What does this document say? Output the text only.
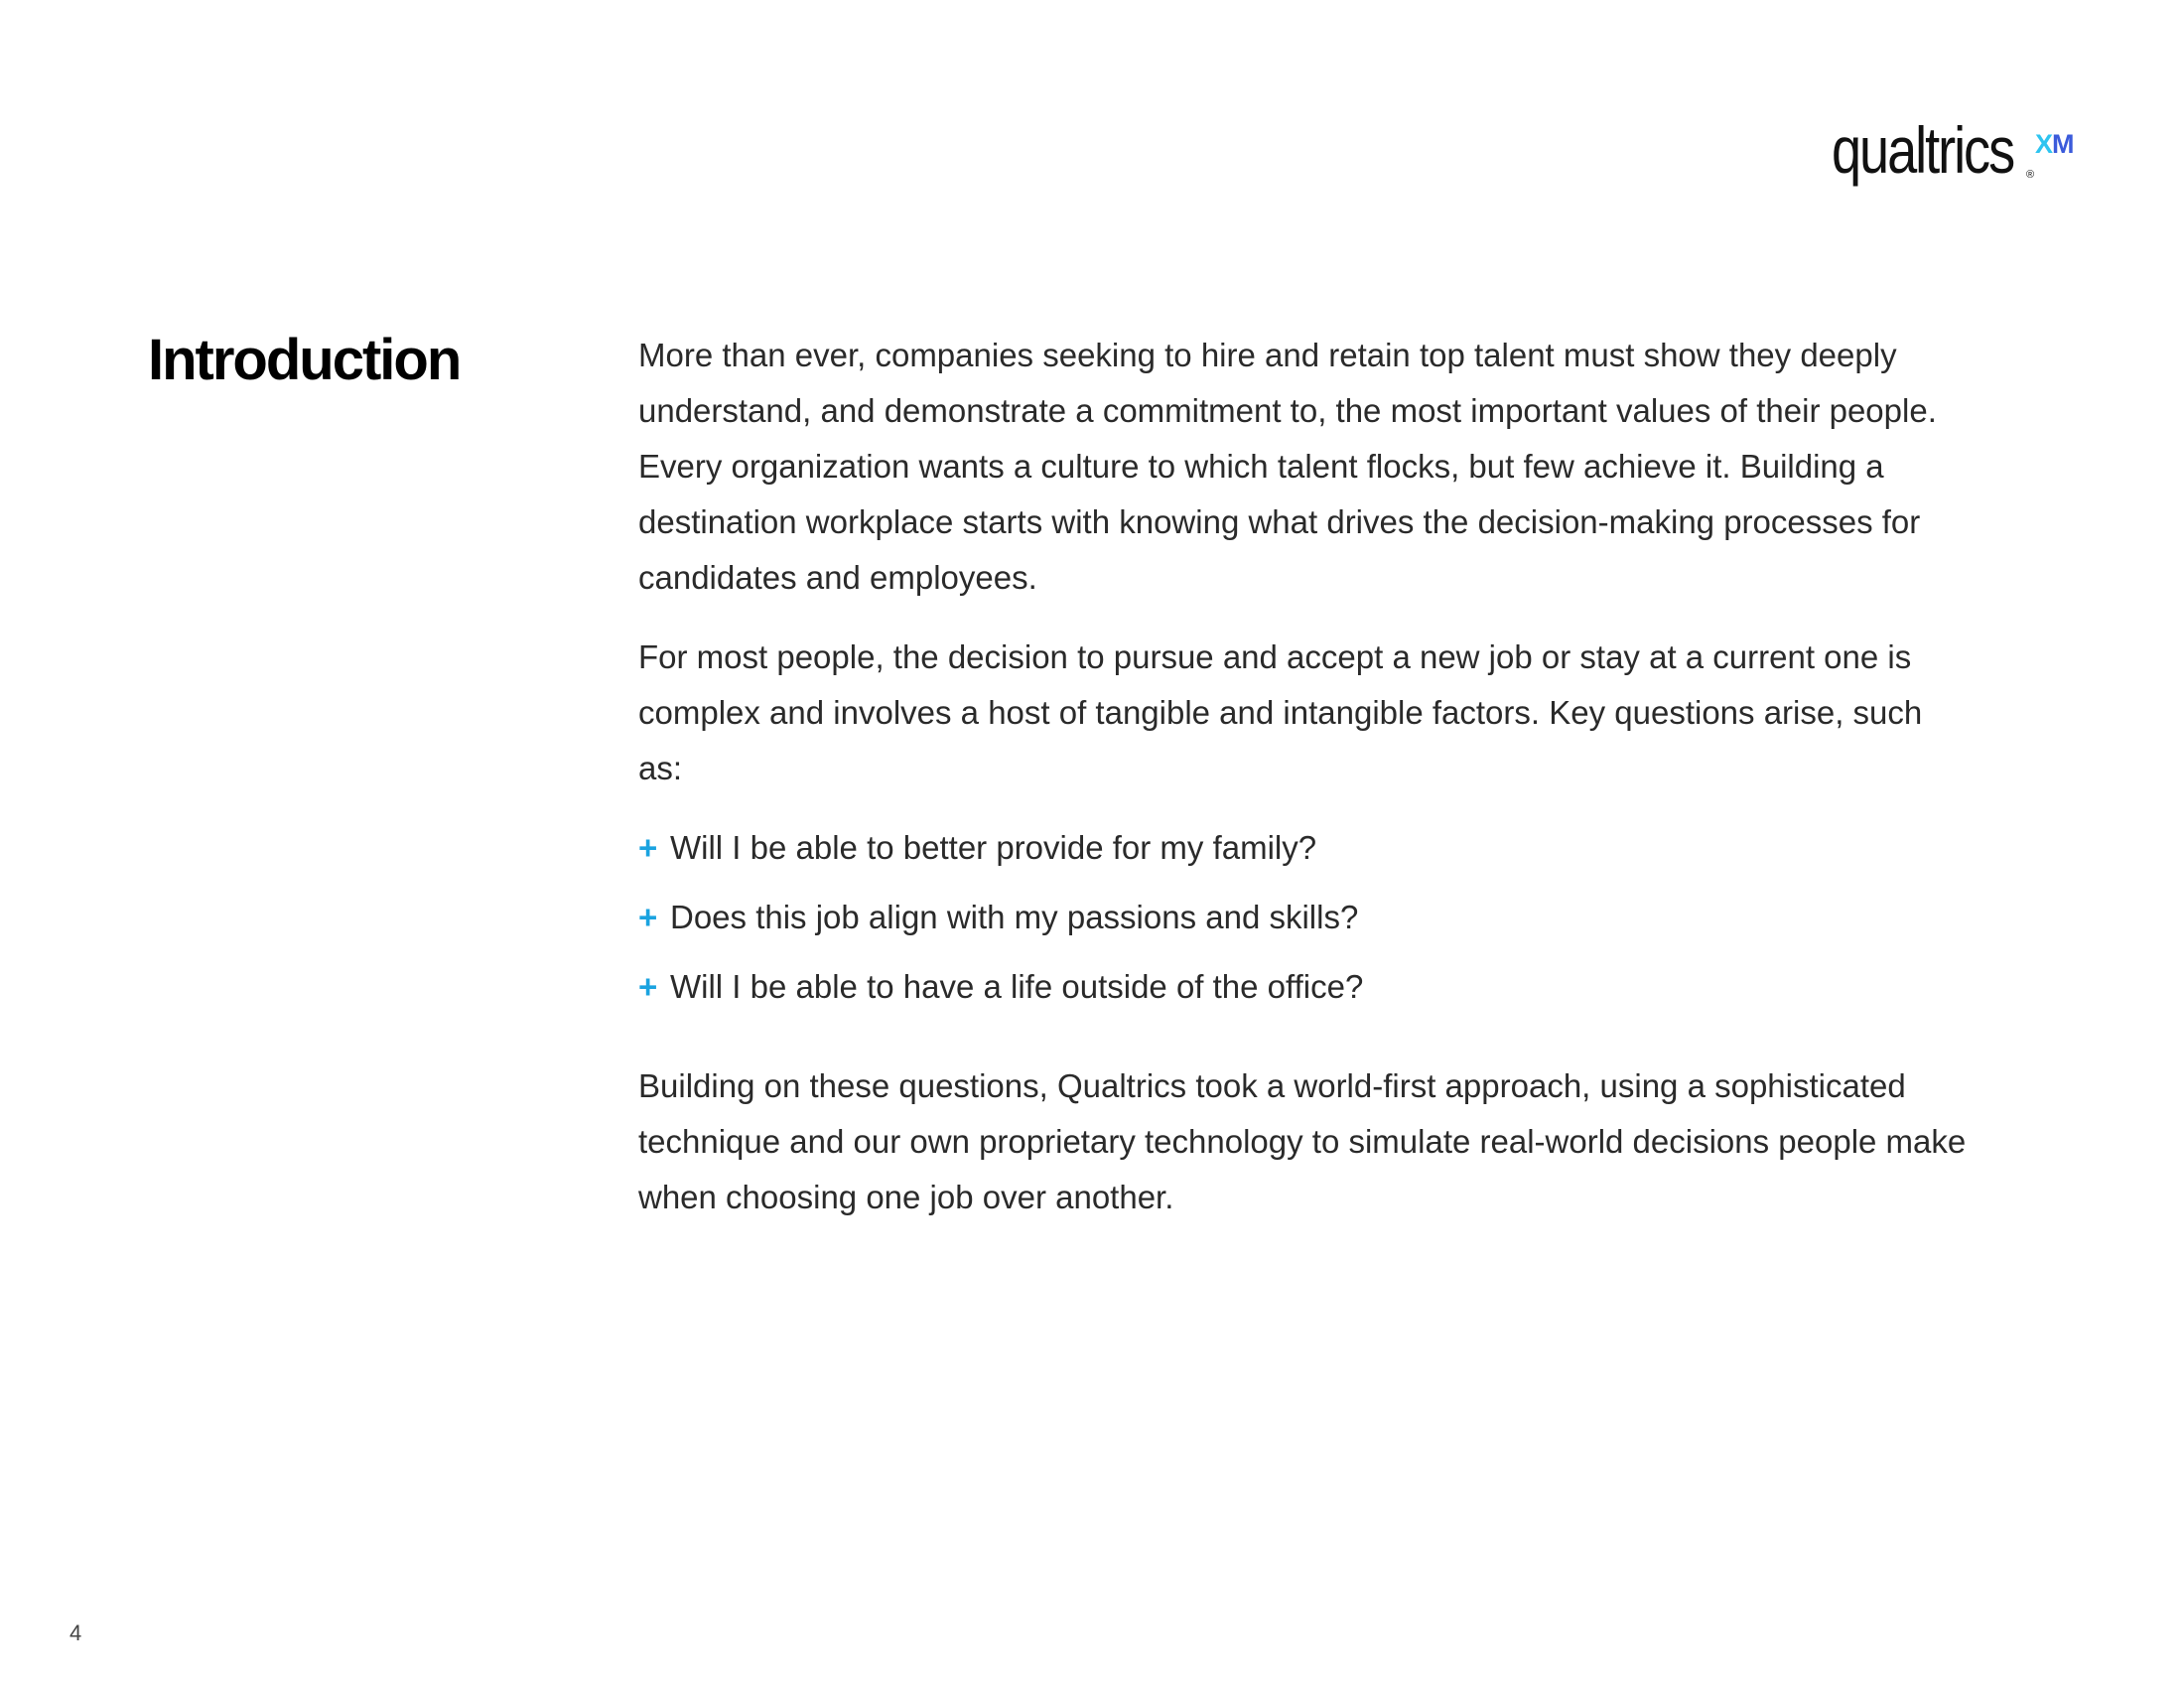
qualtrics ®
XM
Introduction	More than ever, companies seeking to hire and retain top talent must show they deeply understand, and demonstrate a commitment to, the most important values of their people. Every organization wants a culture to which talent flocks, but few achieve it. Building a destination workplace starts with knowing what drives the decision-making processes for candidates and employees.

For most people, the decision to pursue and accept a new job or stay at a current one is complex and involves a host of tangible and intangible factors. Key questions arise, such as:

+ Will I be able to better provide for my family?
+ Does this job align with my passions and skills?
+ Will I be able to have a life outside of the office?

Building on these questions, Qualtrics took a world-first approach, using a sophisticated technique and our own proprietary technology to simulate real-world decisions people make when choosing one job over another.

4
